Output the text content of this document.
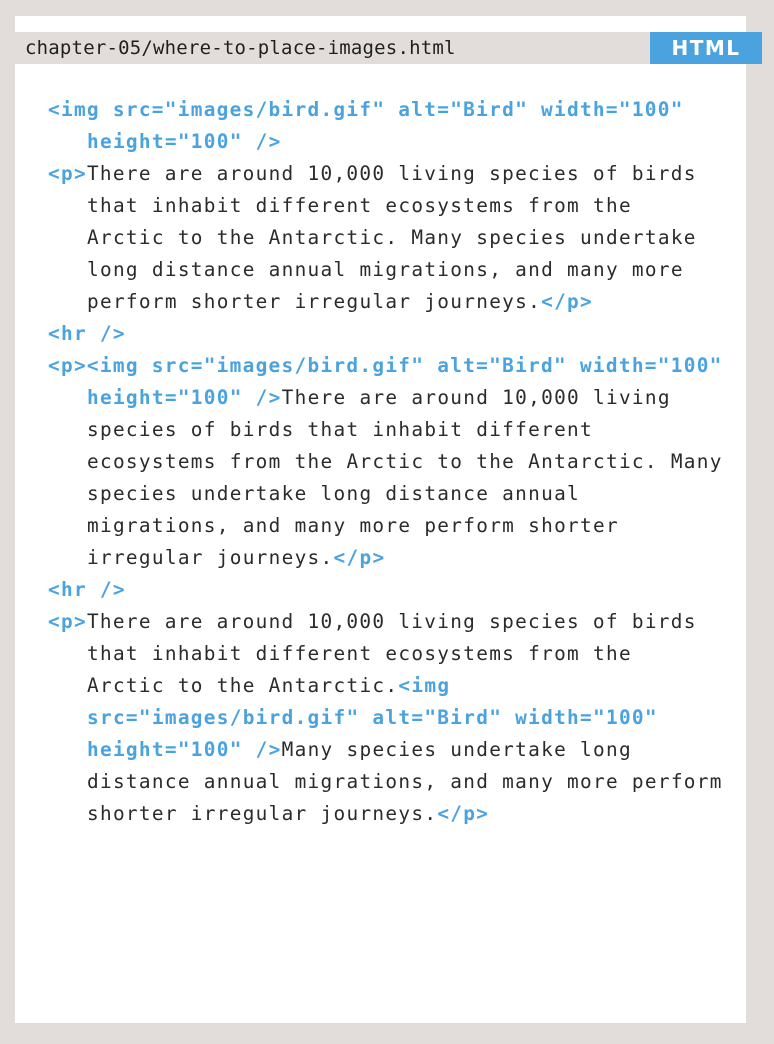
chapter-05/where-to-place-images.html	HTML
<img src="images/bird.gif" alt="Bird" width="100"
height="100" />
<p>There are around 10,000 living species of birds
that inhabit different ecosystems from the
Arctic to the Antarctic. Many species undertake
long distance annual migrations, and many more
perform shorter irregular journeys.</p>
<hr />
<p><img src="images/bird.gif" alt="Bird" width="100"
height="100" />There are around 10,000 living
species of birds that inhabit different
ecosystems from the Arctic to the Antarctic. Many
species undertake long distance annual
migrations, and many more perform shorter
irregular journeys.</p>
<hr />
<p>There are around 10,000 living species of birds
that inhabit different ecosystems from the
Arctic to the Antarctic.<img
src="images/bird.gif" alt="Bird" width="100"
height="100" />Many species undertake long
distance annual migrations, and many more perform
shorter irregular journeys.</p>
